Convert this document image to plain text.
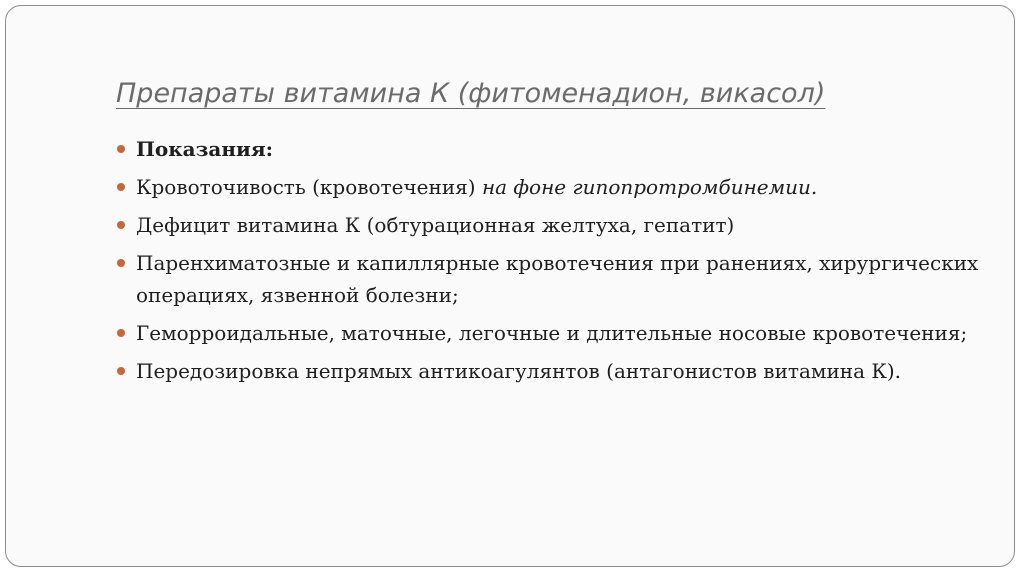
Препараты витамина К (фитоменадион, викасол)
Показания:
Кровоточивость (кровотечения) на фоне гипопротромбинемии.
Дефицит витамина К (обтурационная желтуха, гепатит)
Паренхиматозные и капиллярные кровотечения при ранениях, хирургических операциях, язвенной болезни;
Геморроидальные, маточные, легочные и длительные носовые кровотечения;
Передозировка непрямых антикоагулянтов (антагонистов витамина К).
